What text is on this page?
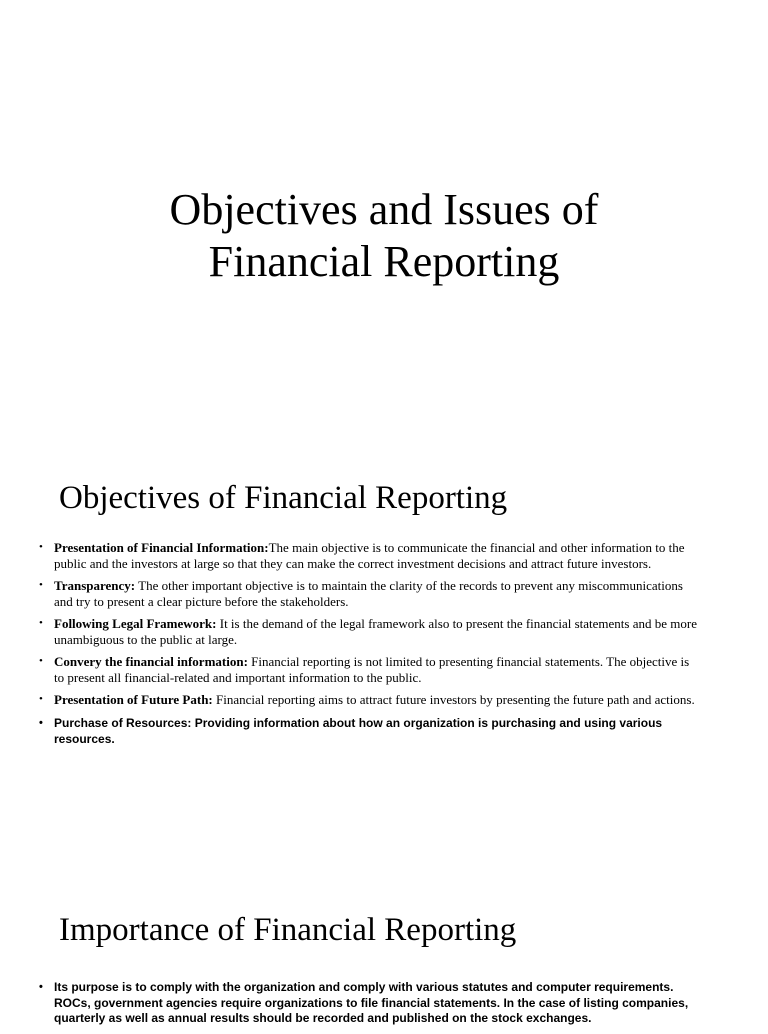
Objectives and Issues of
Financial Reporting
Objectives of Financial Reporting
• Presentation of Financial Information:The main objective is to communicate the financial and other information to the public and the investors at large so that they can make the correct investment decisions and attract future investors.
• Transparency: The other important objective is to maintain the clarity of the records to prevent any miscommunications and try to present a clear picture before the stakeholders.
• Following Legal Framework: It is the demand of the legal framework also to present the financial statements and be more unambiguous to the public at large.
• Convery the financial information: Financial reporting is not limited to presenting financial statements. The objective is to present all financial-related and important information to the public.
• Presentation of Future Path: Financial reporting aims to attract future investors by presenting the future path and actions.
• Purchase of Resources: Providing information about how an organization is purchasing and using various resources.
Importance of Financial Reporting
• Its purpose is to comply with the organization and comply with various statutes and computer requirements. ROCs, government agencies require organizations to file financial statements. In the case of listing companies, quarterly as well as annual results should be recorded and published on the stock exchanges.
